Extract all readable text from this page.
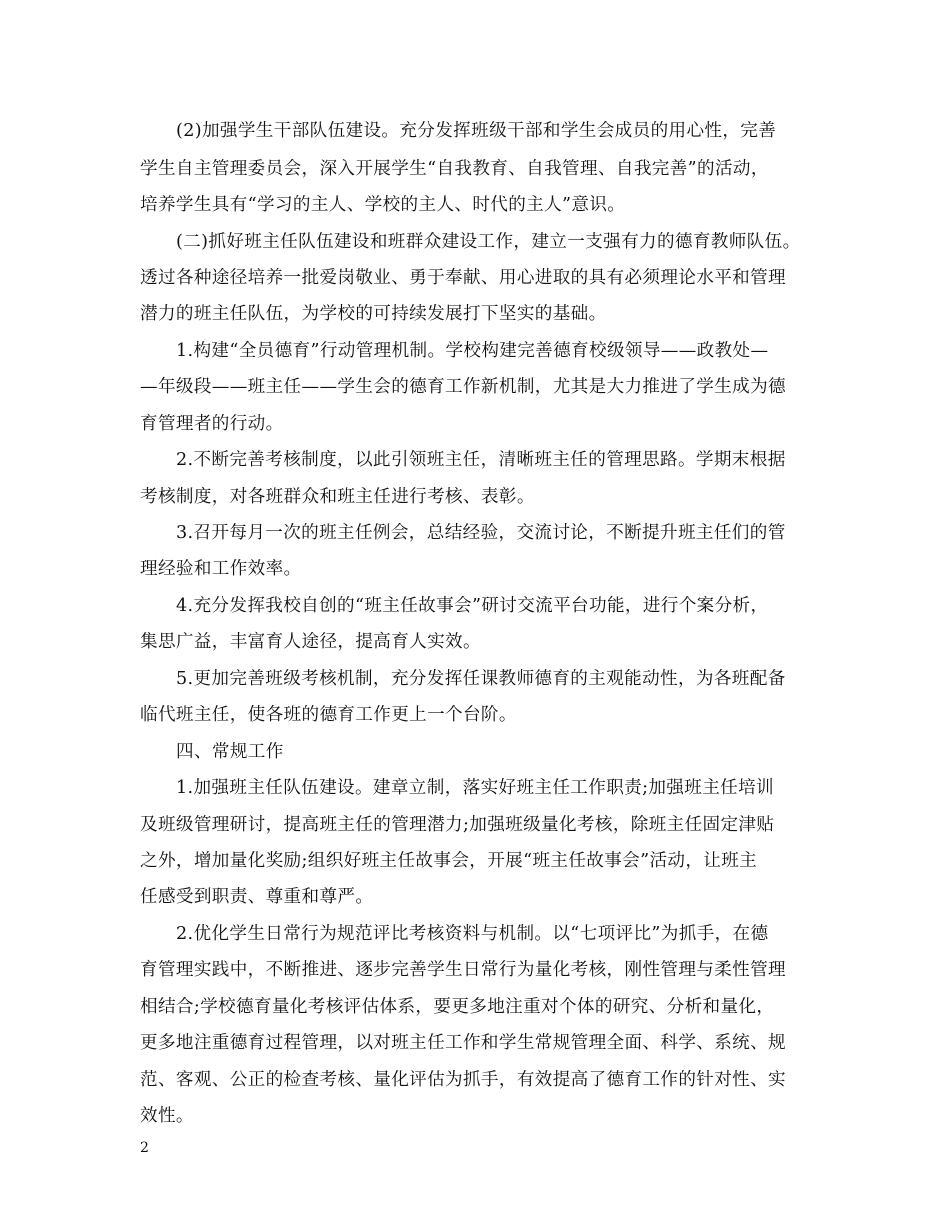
(2)加强学生干部队伍建设。充分发挥班级干部和学生会成员的用心性，完善
学生自主管理委员会，深入开展学生“自我教育、自我管理、自我完善”的活动，
培养学生具有“学习的主人、学校的主人、时代的主人”意识。
(二)抓好班主任队伍建设和班群众建设工作，建立一支强有力的德育教师队伍。
透过各种途径培养一批爱岗敬业、勇于奉献、用心进取的具有必须理论水平和管理
潜力的班主任队伍，为学校的可持续发展打下坚实的基础。
1.构建“全员德育”行动管理机制。学校构建完善德育校级领导——政教处—
—年级段——班主任——学生会的德育工作新机制，尤其是大力推进了学生成为德
育管理者的行动。
2.不断完善考核制度，以此引领班主任，清晰班主任的管理思路。学期末根据
考核制度，对各班群众和班主任进行考核、表彰。
3.召开每月一次的班主任例会，总结经验，交流讨论，不断提升班主任们的管
理经验和工作效率。
4.充分发挥我校自创的“班主任故事会”研讨交流平台功能，进行个案分析，
集思广益，丰富育人途径，提高育人实效。
5.更加完善班级考核机制，充分发挥任课教师德育的主观能动性，为各班配备
临代班主任，使各班的德育工作更上一个台阶。
四、常规工作
1.加强班主任队伍建设。建章立制，落实好班主任工作职责;加强班主任培训
及班级管理研讨，提高班主任的管理潜力;加强班级量化考核，除班主任固定津贴
之外，增加量化奖励;组织好班主任故事会，开展“班主任故事会”活动，让班主
任感受到职责、尊重和尊严。
2.优化学生日常行为规范评比考核资料与机制。以“七项评比”为抓手，在德
育管理实践中，不断推进、逐步完善学生日常行为量化考核，刚性管理与柔性管理
相结合;学校德育量化考核评估体系，要更多地注重对个体的研究、分析和量化，
更多地注重德育过程管理，以对班主任工作和学生常规管理全面、科学、系统、规
范、客观、公正的检查考核、量化评估为抓手，有效提高了德育工作的针对性、实
效性。
2
